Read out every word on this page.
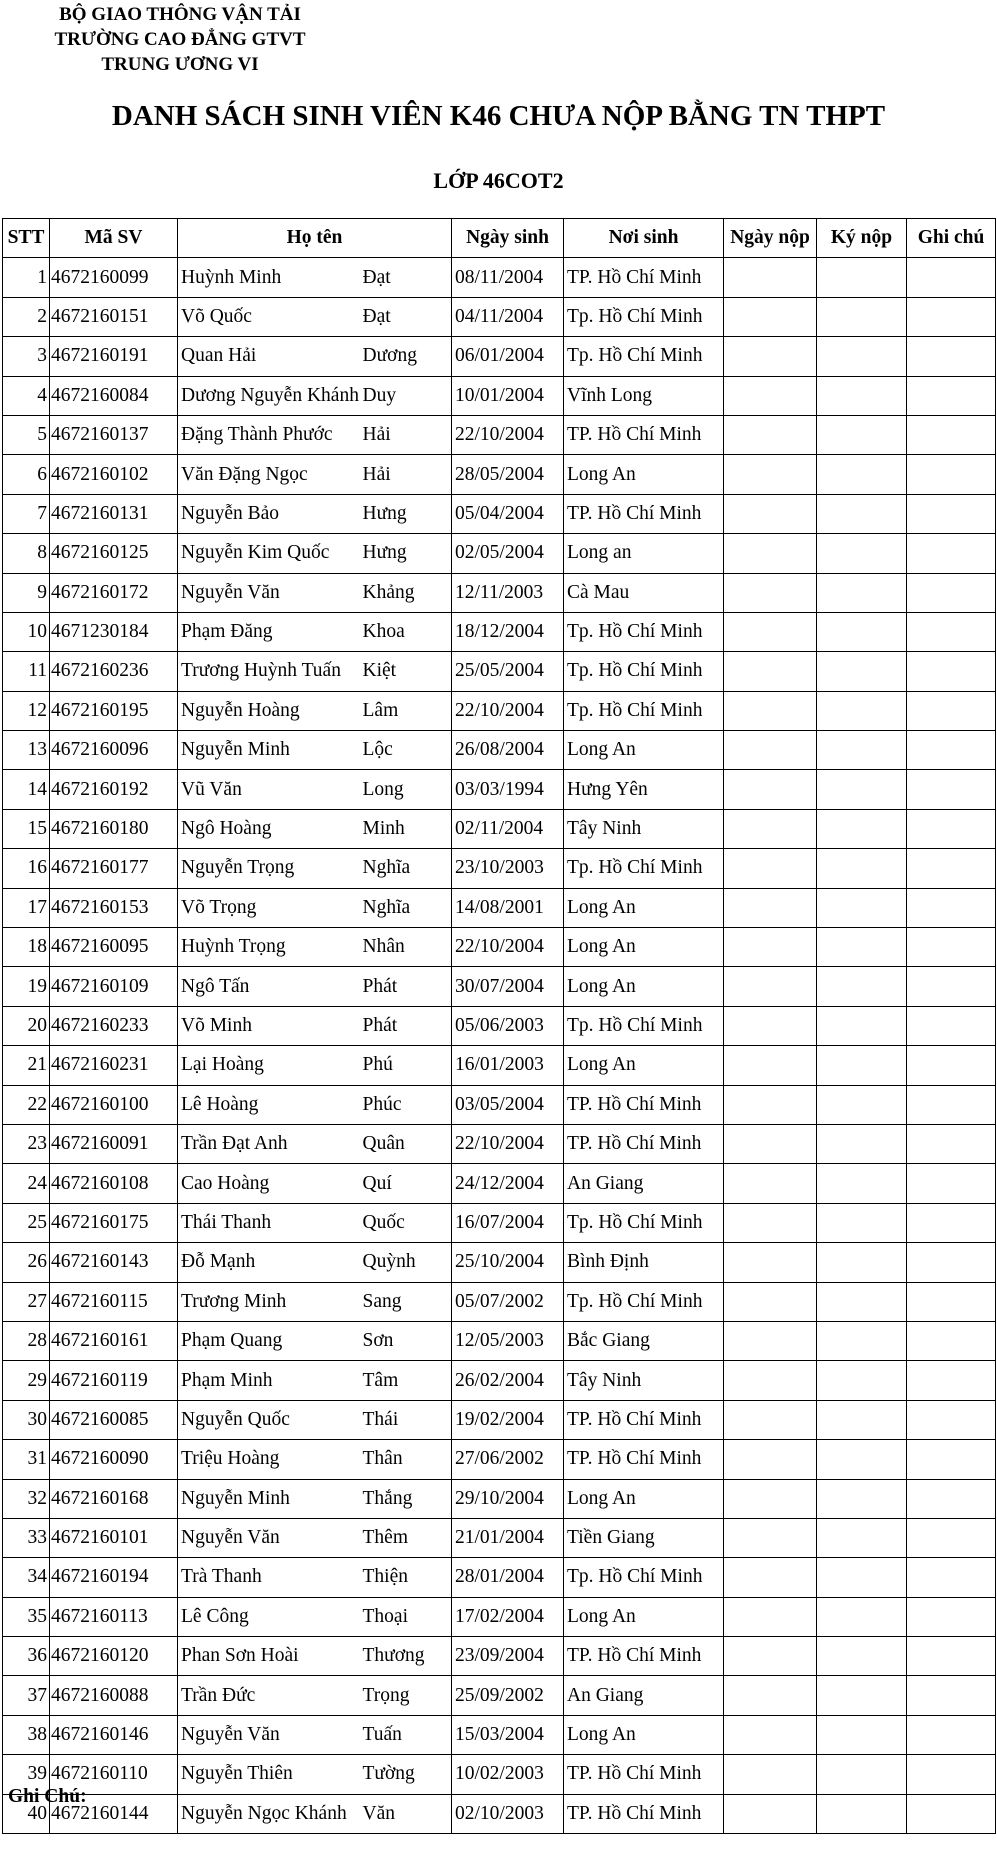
BỘ GIAO THÔNG VẬN TẢI
TRƯỜNG CAO ĐẲNG GTVT
TRUNG ƯƠNG VI
DANH SÁCH SINH VIÊN K46 CHƯA NỘP BẰNG TN THPT
LỚP 46COT2
STT	Mã SV	Họ tên		Ngày sinh	Nơi sinh	Ngày nộp	Ký nộp	Ghi chú
1	4672160099	Huỳnh Minh	Đạt	08/11/2004	TP. Hồ Chí Minh			
2	4672160151	Võ Quốc	Đạt	04/11/2004	Tp. Hồ Chí Minh			
3	4672160191	Quan Hải	Dương	06/01/2004	Tp. Hồ Chí Minh			
4	4672160084	Dương Nguyễn Khánh	Duy	10/01/2004	Vĩnh Long			
5	4672160137	Đặng Thành Phước	Hải	22/10/2004	TP. Hồ Chí Minh			
6	4672160102	Văn Đặng Ngọc	Hải	28/05/2004	Long An			
7	4672160131	Nguyễn Bảo	Hưng	05/04/2004	TP. Hồ Chí Minh			
8	4672160125	Nguyễn Kim Quốc	Hưng	02/05/2004	Long an			
9	4672160172	Nguyễn Văn	Khảng	12/11/2003	Cà Mau			
10	4671230184	Phạm Đăng	Khoa	18/12/2004	Tp. Hồ Chí Minh			
11	4672160236	Trương Huỳnh Tuấn	Kiệt	25/05/2004	Tp. Hồ Chí Minh			
12	4672160195	Nguyễn Hoàng	Lâm	22/10/2004	Tp. Hồ Chí Minh			
13	4672160096	Nguyễn Minh	Lộc	26/08/2004	Long An			
14	4672160192	Vũ Văn	Long	03/03/1994	Hưng Yên			
15	4672160180	Ngô Hoàng	Minh	02/11/2004	Tây Ninh			
16	4672160177	Nguyễn Trọng	Nghĩa	23/10/2003	Tp. Hồ Chí Minh			
17	4672160153	Võ Trọng	Nghĩa	14/08/2001	Long An			
18	4672160095	Huỳnh Trọng	Nhân	22/10/2004	Long An			
19	4672160109	Ngô Tấn	Phát	30/07/2004	Long An			
20	4672160233	Võ Minh	Phát	05/06/2003	Tp. Hồ Chí Minh			
21	4672160231	Lại Hoàng	Phú	16/01/2003	Long An			
22	4672160100	Lê Hoàng	Phúc	03/05/2004	TP. Hồ Chí Minh			
23	4672160091	Trần Đạt Anh	Quân	22/10/2004	TP. Hồ Chí Minh			
24	4672160108	Cao Hoàng	Quí	24/12/2004	An Giang			
25	4672160175	Thái Thanh	Quốc	16/07/2004	Tp. Hồ Chí Minh			
26	4672160143	Đỗ Mạnh	Quỳnh	25/10/2004	Bình Định			
27	4672160115	Trương Minh	Sang	05/07/2002	Tp. Hồ Chí Minh			
28	4672160161	Phạm Quang	Sơn	12/05/2003	Bắc Giang			
29	4672160119	Phạm Minh	Tâm	26/02/2004	Tây Ninh			
30	4672160085	Nguyễn Quốc	Thái	19/02/2004	TP. Hồ Chí Minh			
31	4672160090	Triệu Hoàng	Thân	27/06/2002	TP. Hồ Chí Minh			
32	4672160168	Nguyễn Minh	Thắng	29/10/2004	Long An			
33	4672160101	Nguyễn Văn	Thêm	21/01/2004	Tiền Giang			
34	4672160194	Trà Thanh	Thiện	28/01/2004	Tp. Hồ Chí Minh			
35	4672160113	Lê Công	Thoại	17/02/2004	Long An			
36	4672160120	Phan Sơn Hoài	Thương	23/09/2004	TP. Hồ Chí Minh			
37	4672160088	Trần Đức	Trọng	25/09/2002	An Giang			
38	4672160146	Nguyễn Văn	Tuấn	15/03/2004	Long An			
39	4672160110	Nguyễn Thiên	Tường	10/02/2003	TP. Hồ Chí Minh			
40	4672160144	Nguyễn Ngọc Khánh	Văn	02/10/2003	TP. Hồ Chí Minh			
Ghi Chú:
